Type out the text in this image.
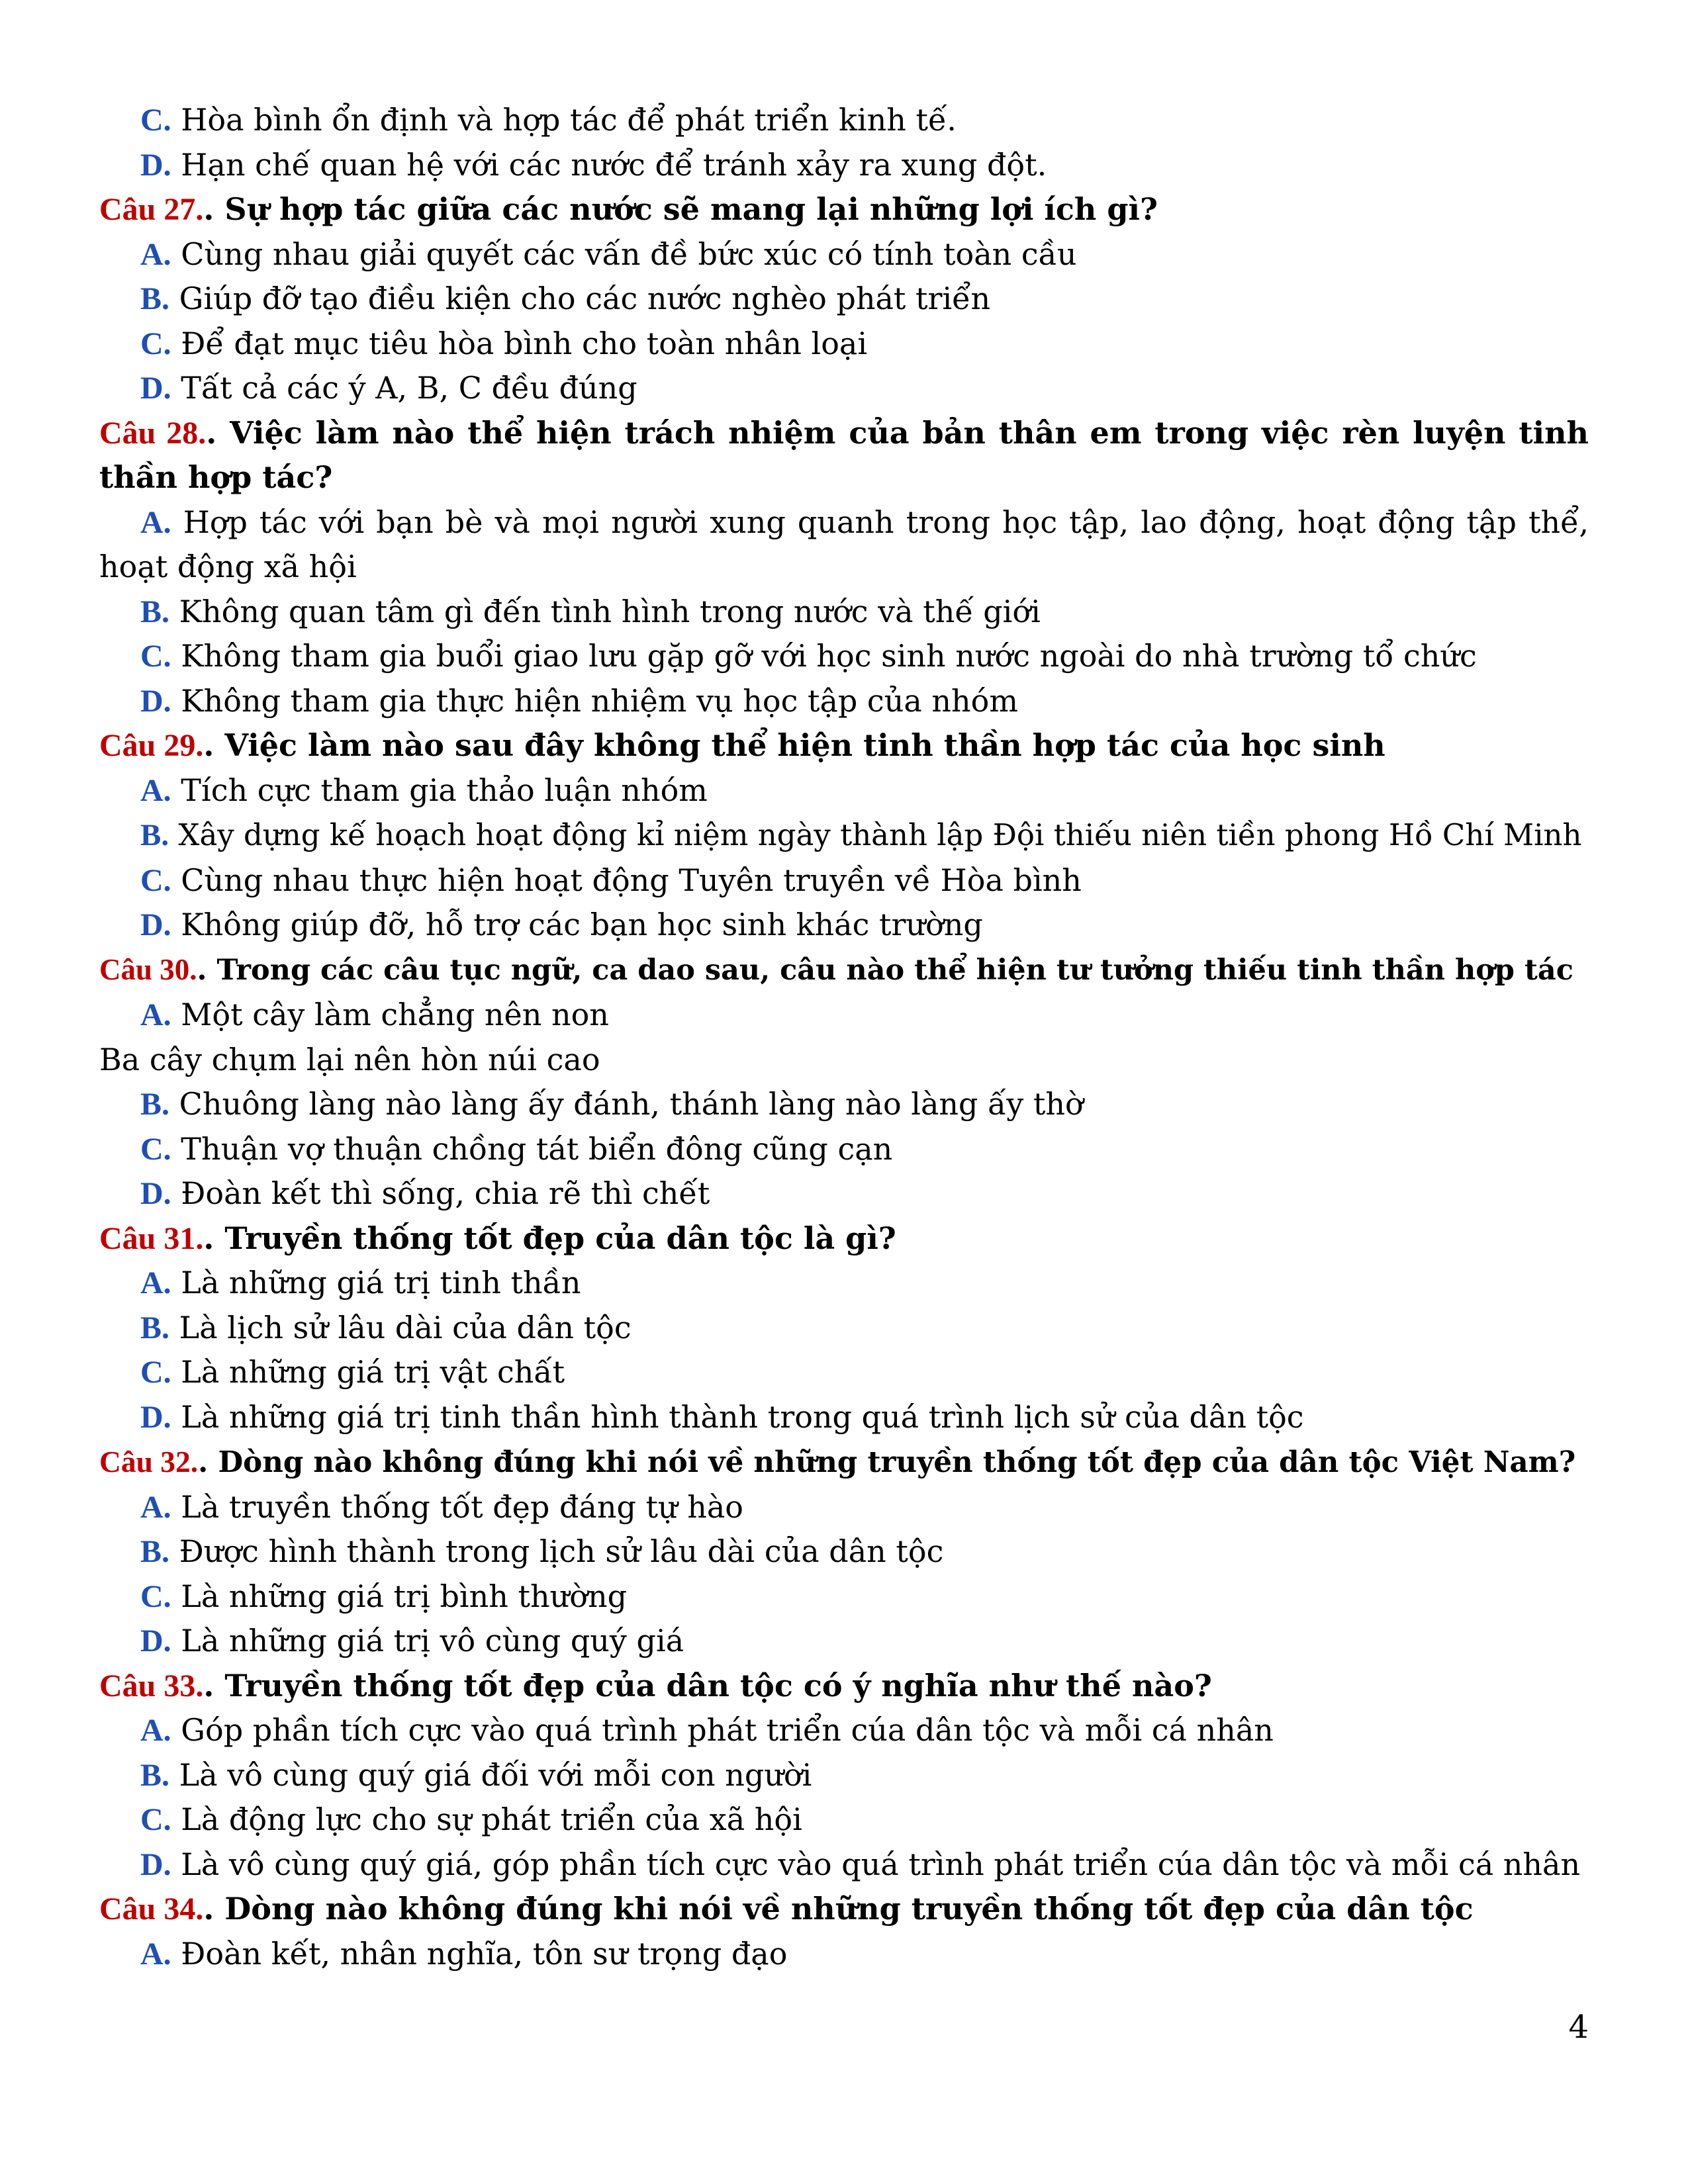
C. Hòa bình ổn định và hợp tác để phát triển kinh tế.

D. Hạn chế quan hệ với các nước để tránh xảy ra xung đột.

Câu 27.. Sự hợp tác giữa các nước sẽ mang lại những lợi ích gì?

A. Cùng nhau giải quyết các vấn đề bức xúc có tính toàn cầu

B. Giúp đỡ tạo điều kiện cho các nước nghèo phát triển

C. Để đạt mục tiêu hòa bình cho toàn nhân loại

D. Tất cả các ý A, B, C đều đúng

Câu 28.. Việc làm nào thể hiện trách nhiệm của bản thân em trong việc rèn luyện tinh thần hợp tác?

A. Hợp tác với bạn bè và mọi người xung quanh trong học tập, lao động, hoạt động tập thể, hoạt động xã hội

B. Không quan tâm gì đến tình hình trong nước và thế giới

C. Không tham gia buổi giao lưu gặp gỡ với học sinh nước ngoài do nhà trường tổ chức

D. Không tham gia thực hiện nhiệm vụ học tập của nhóm

Câu 29.. Việc làm nào sau đây không thể hiện tinh thần hợp tác của học sinh

A. Tích cực tham gia thảo luận nhóm

B. Xây dựng kế hoạch hoạt động kỉ niệm ngày thành lập Đội thiếu niên tiền phong Hồ Chí Minh

C. Cùng nhau thực hiện hoạt động Tuyên truyền về Hòa bình

D. Không giúp đỡ, hỗ trợ các bạn học sinh khác trường

Câu 30.. Trong các câu tục ngữ, ca dao sau, câu nào thể hiện tư tưởng thiếu tinh thần hợp tác

A. Một cây làm chẳng nên non

Ba cây chụm lại nên hòn núi cao

B. Chuông làng nào làng ấy đánh, thánh làng nào làng ấy thờ

C. Thuận vợ thuận chồng tát biển đông cũng cạn

D. Đoàn kết thì sống, chia rẽ thì chết

Câu 31.. Truyền thống tốt đẹp của dân tộc là gì?

A. Là những giá trị tinh thần

B. Là lịch sử lâu dài của dân tộc

C. Là những giá trị vật chất

D. Là những giá trị tinh thần hình thành trong quá trình lịch sử của dân tộc

Câu 32.. Dòng nào không đúng khi nói về những truyền thống tốt đẹp của dân tộc Việt Nam?

A. Là truyền thống tốt đẹp đáng tự hào

B. Được hình thành trong lịch sử lâu dài của dân tộc

C. Là những giá trị bình thường

D. Là những giá trị vô cùng quý giá

Câu 33.. Truyền thống tốt đẹp của dân tộc có ý nghĩa như thế nào?

A. Góp phần tích cực vào quá trình phát triển cúa dân tộc và mỗi cá nhân

B. Là vô cùng quý giá đối với mỗi con người

C. Là động lực cho sự phát triển của xã hội

D. Là vô cùng quý giá, góp phần tích cực vào quá trình phát triển cúa dân tộc và mỗi cá nhân

Câu 34.. Dòng nào không đúng khi nói về những truyền thống tốt đẹp của dân tộc

A. Đoàn kết, nhân nghĩa, tôn sư trọng đạo

4
